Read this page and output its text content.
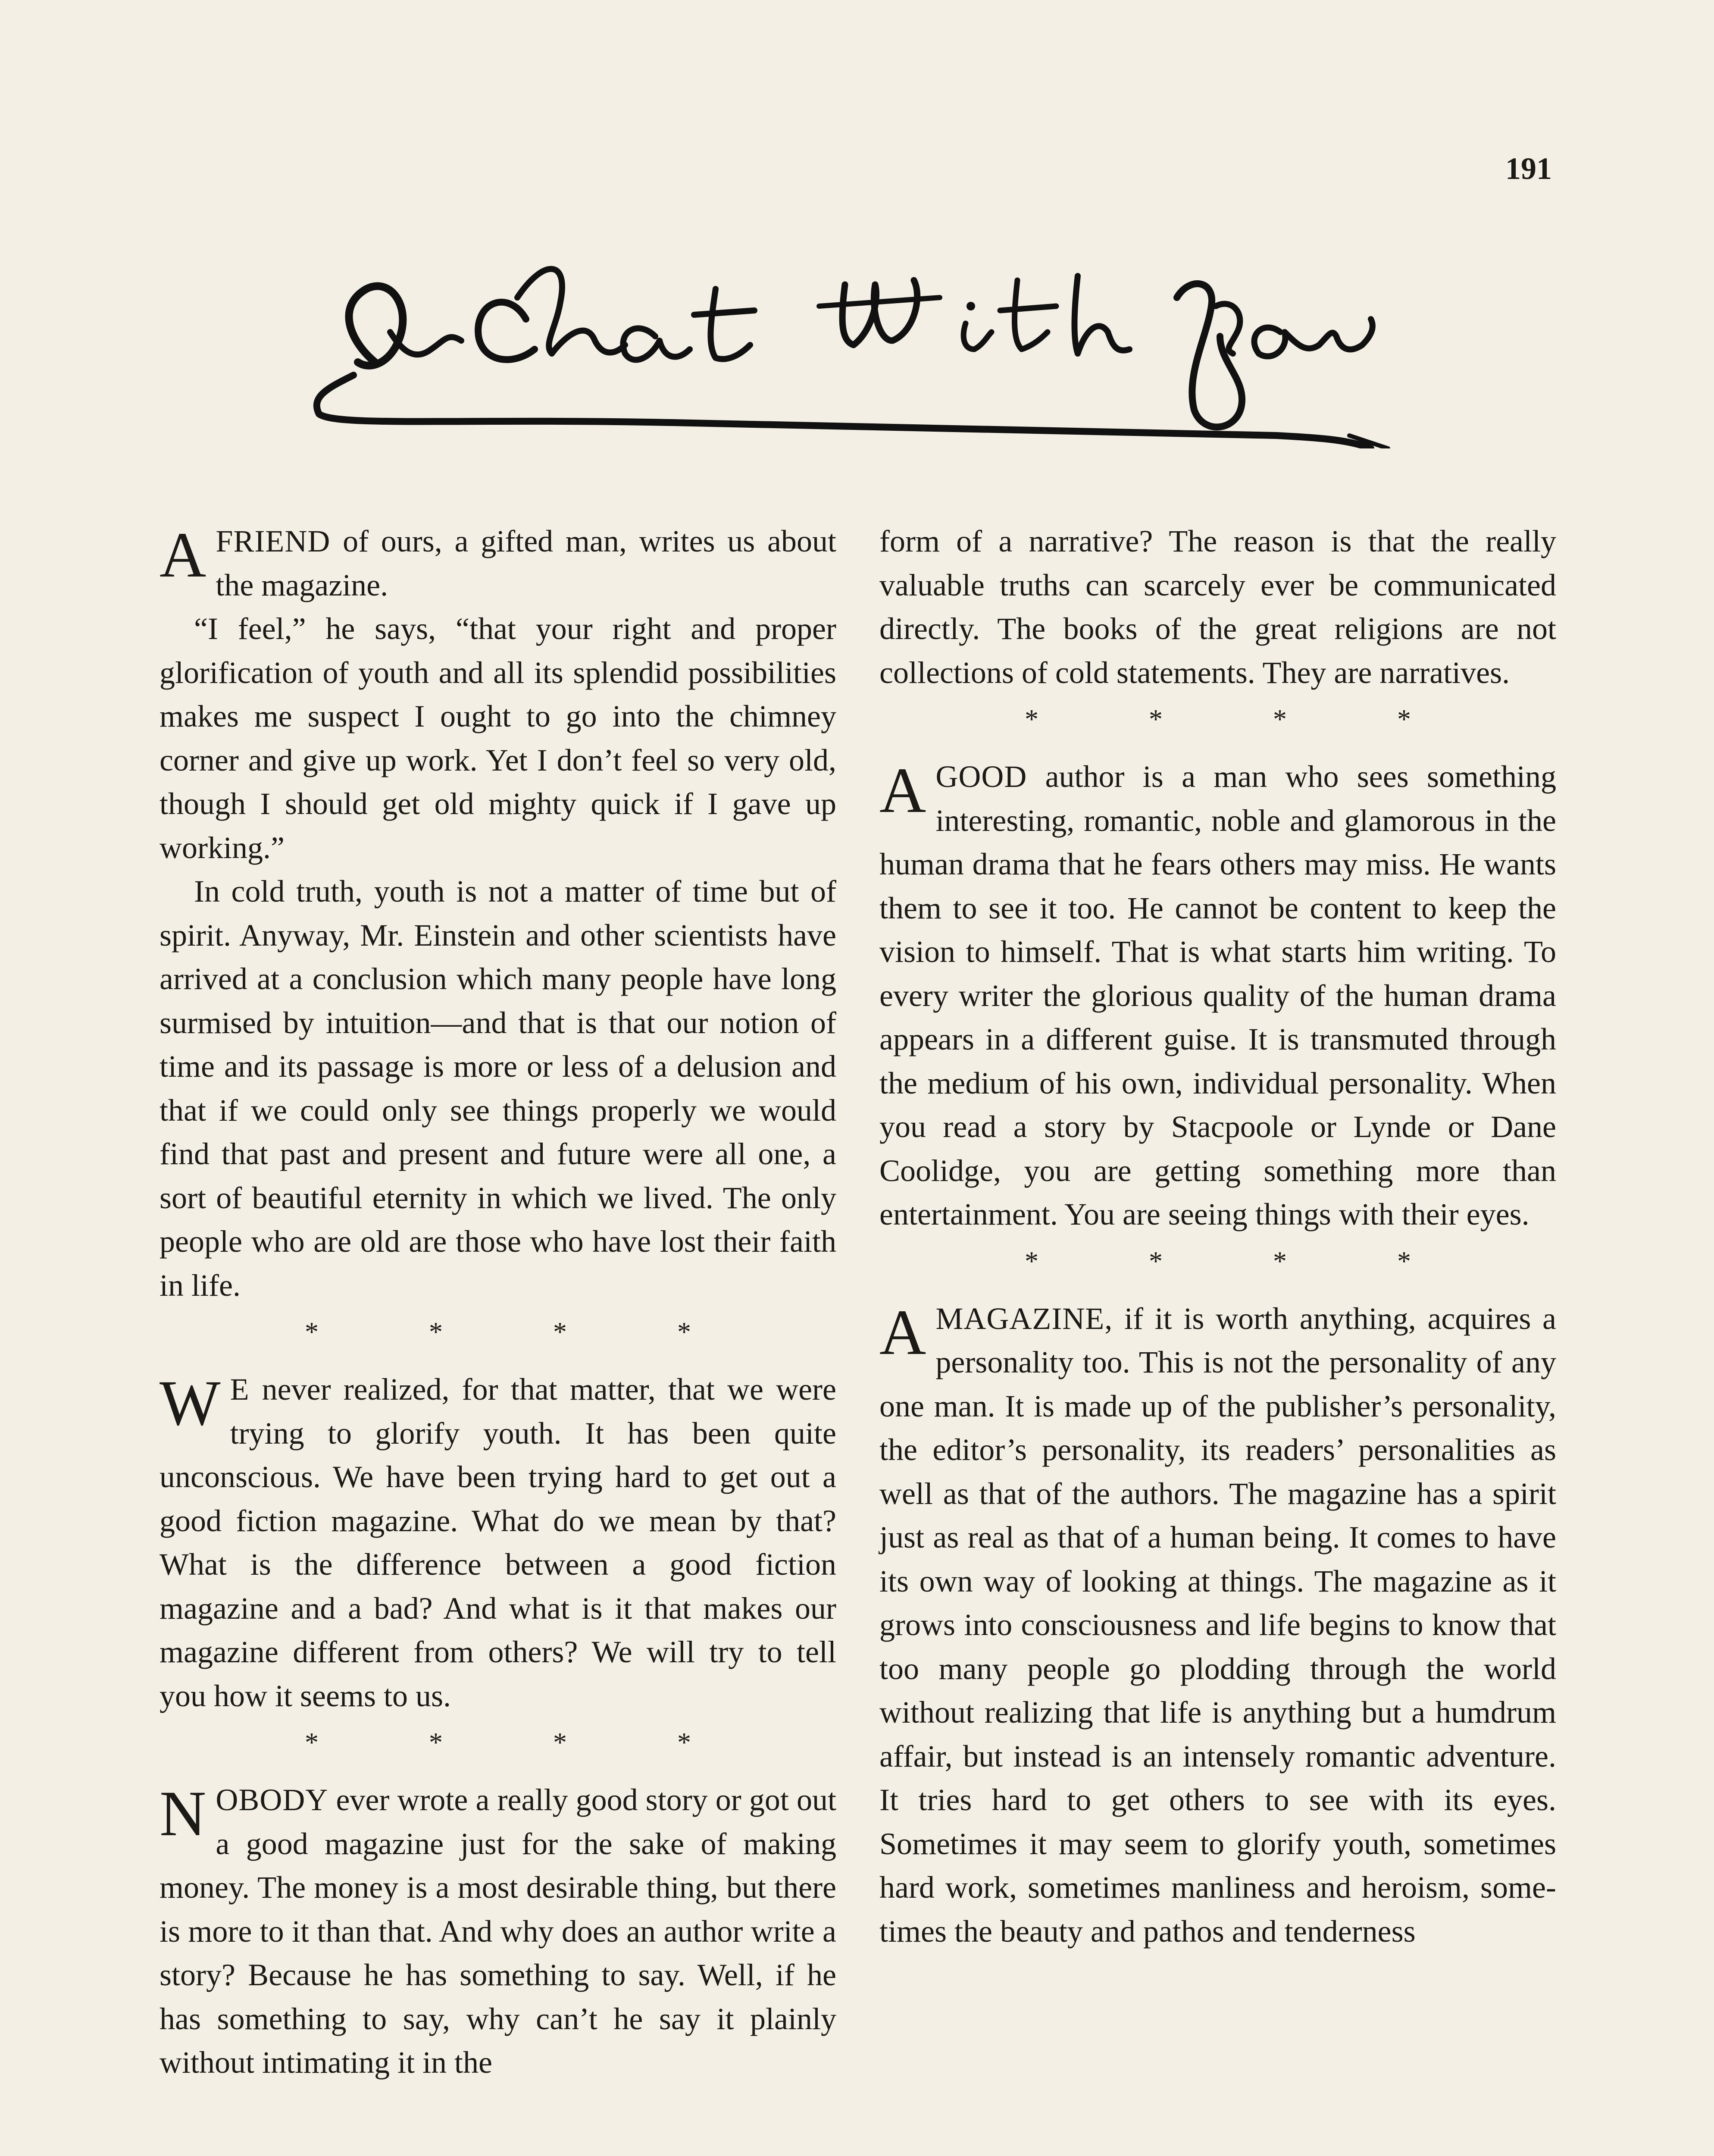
191

AFRIEND of ours, a gifted man, writes us about the magazine.

“I feel,” he says, “that your right and proper glorification of youth and all its splendid possibilities makes me suspect I ought to go into the chimney corner and give up work. Yet I don’t feel so very old, though I should get old mighty quick if I gave up working.”

In cold truth, youth is not a matter of time but of spirit. Anyway, Mr. Einstein and other scientists have arrived at a conclusion which many people have long surmised by intuition—and that is that our notion of time and its passage is more or less of a delusion and that if we could only see things properly we would find that past and present and future were all one, a sort of beautiful eternity in which we lived. The only people who are old are those who have lost their faith in life.

* * * *

W E never realized, for that matter, that we were trying to glorify youth. It has been quite unconscious. We have been trying hard to get out a good fiction magazine. What do we mean by that? What is the difference between a good fiction magazine and a bad? And what is it that makes our magazine different from others? We will try to tell you how it seems to us.

* * * *

NOBODY ever wrote a really good story or got out a good magazine just for the sake of making money. The money is a most desirable thing, but there is more to it than that. And why does an author write a story? Because he has something to say. Well, if he has something to say, why can’t he say it plainly without intimating it in the

form of a narrative? The reason is that the really valuable truths can scarcely ever be communicated directly. The books of the great religions are not collections of cold statements. They are narratives.

* * * *

AGOOD author is a man who sees something interesting, romantic, noble and glamorous in the human drama that he fears others may miss. He wants them to see it too. He cannot be content to keep the vision to himself. That is what starts him writing. To every writer the glorious quality of the human drama appears in a different guise. It is transmuted through the medium of his own, individual personality. When you read a story by Stacpoole or Lynde or Dane Coolidge, you are getting something more than entertainment. You are seeing things with their eyes.

* * * *

AMAGAZINE, if it is worth anything, acquires a personality too. This is not the personality of any one man. It is made up of the publisher’s personality, the editor’s personality, its readers’ personalities as well as that of the authors. The magazine has a spirit just as real as that of a human being. It comes to have its own way of looking at things. The magazine as it grows into consciousness and life begins to know that too many people go plodding through the world without realizing that life is anything but a humdrum affair, but instead is an intensely romantic adventure. It tries hard to get others to see with its eyes. Sometimes it may seem to glorify youth, sometimes hard work, sometimes manliness and heroism, sometimes the beauty and pathos and tenderness
